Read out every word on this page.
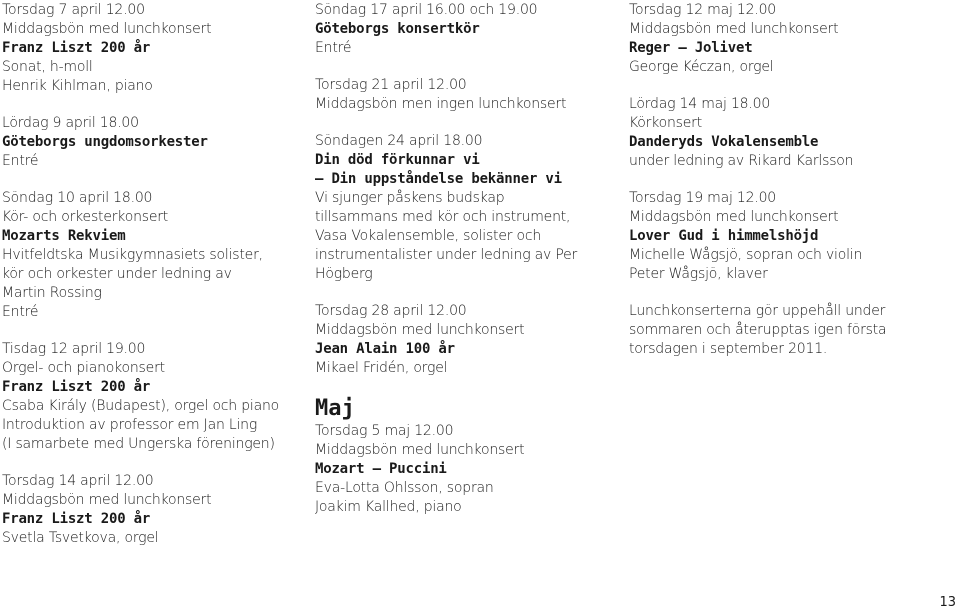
Torsdag 7 april 12.00
Middagsbön med lunchkonsert
Franz Liszt 200 år
Sonat, h-moll
Henrik Kihlman, piano
Lördag 9 april 18.00
Göteborgs ungdomsorkester
Entré
Söndag 10 april 18.00
Kör- och orkesterkonsert
Mozarts Rekviem
Hvitfeldtska Musikgymnasiets solister,
kör och orkester under ledning av
Martin Rossing
Entré
Tisdag 12 april 19.00
Orgel- och pianokonsert
Franz Liszt 200 år
Csaba Király (Budapest), orgel och piano
Introduktion av professor em Jan Ling
(I samarbete med Ungerska föreningen)
Torsdag 14 april 12.00
Middagsbön med lunchkonsert
Franz Liszt 200 år
Svetla Tsvetkova, orgel
Söndag 17 april 16.00 och 19.00
Göteborgs konsertkör
Entré
Torsdag 21 april 12.00
Middagsbön men ingen lunchkonsert
Söndagen 24 april 18.00
Din död förkunnar vi
– Din uppståndelse bekänner vi
Vi sjunger påskens budskap
tillsammans med kör och instrument,
Vasa Vokalensemble, solister och
instrumentalister under ledning av Per
Högberg
Torsdag 28 april 12.00
Middagsbön med lunchkonsert
Jean Alain 100 år
Mikael Fridén, orgel
Maj
Torsdag 5 maj 12.00
Middagsbön med lunchkonsert
Mozart – Puccini
Eva-Lotta Ohlsson, sopran
Joakim Kallhed, piano
Torsdag 12 maj 12.00
Middagsbön med lunchkonsert
Reger – Jolivet
George Kéczan, orgel
Lördag 14 maj 18.00
Körkonsert
Danderyds Vokalensemble
under ledning av Rikard Karlsson
Torsdag 19 maj 12.00
Middagsbön med lunchkonsert
Lover Gud i himmelshöjd
Michelle Wågsjö, sopran och violin
Peter Wågsjö, klaver
Lunchkonserterna gör uppehåll under
sommaren och återupptas igen första
torsdagen i september 2011.
13
